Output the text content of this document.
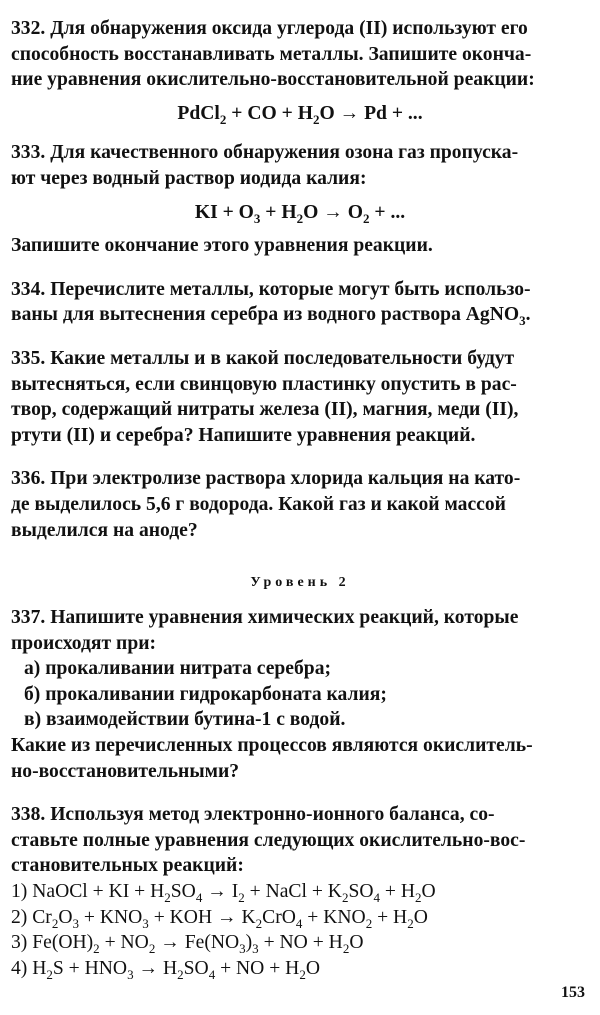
332. Для обнаружения оксида углерода (II) используют его

способность восстанавливать металлы. Запишите оконча-

ние уравнения окислительно-восстановительной реакции:

PdCl$_2$ + CO + $H_2O \to Pd$ + ...

333. Для качественного обнаружения озона газ пропуска-

ют через водный раствор иодида калия:

KI + $O_3 + H_2O \to O_2$ + ...

Запишите окончание этого уравнения реакции.

334. Перечислите металлы, которые могут быть использо-

ваны для вытеснения серебра из водного раствора AgNO$_3$.

335. Какие металлы и в какой последовательности будут

вытесняться, если свинцовую пластинку опустить в рас-

твор, содержащий нитраты железа (II), магния, меди (II),

ртути (II) и серебра? Напишите уравнения реакций.

336. При электролизе раствора хлорида кальция на като-

де выделилось 5,6 г водорода. Какой газ и какой массой

выделился на аноде?

Уровень 2

337. Напишите уравнения химических реакций, которые

происходят при:

а) прокаливании нитрата серебра;
б) прокаливании гидрокарбоната калия;
в) взаимодействии бутина-1 с водой.

Какие из перечисленных процессов являются окислитель-

но-восстановительными?

338. Используя метод электронно-ионного баланса, со-

ставьте полные уравнения следующих окислительно-вос-

становительных реакций:

1) NaOCl + KI + $H_2SO_4 \to I_2$ + NaCl + $K_2SO_4 + H_2O$
2) $Cr_2O_3 + KNO_3$ + KOH → $K_2CrO_4 + KNO_2 + H_2O$
3) $Fe(OH)_2 + NO_2 \to Fe(NO_3)_3$ + NO + $H_2O$
4) $H_2S + HNO_3 \to H_2SO_4$ + NO + $H_2O$
153
